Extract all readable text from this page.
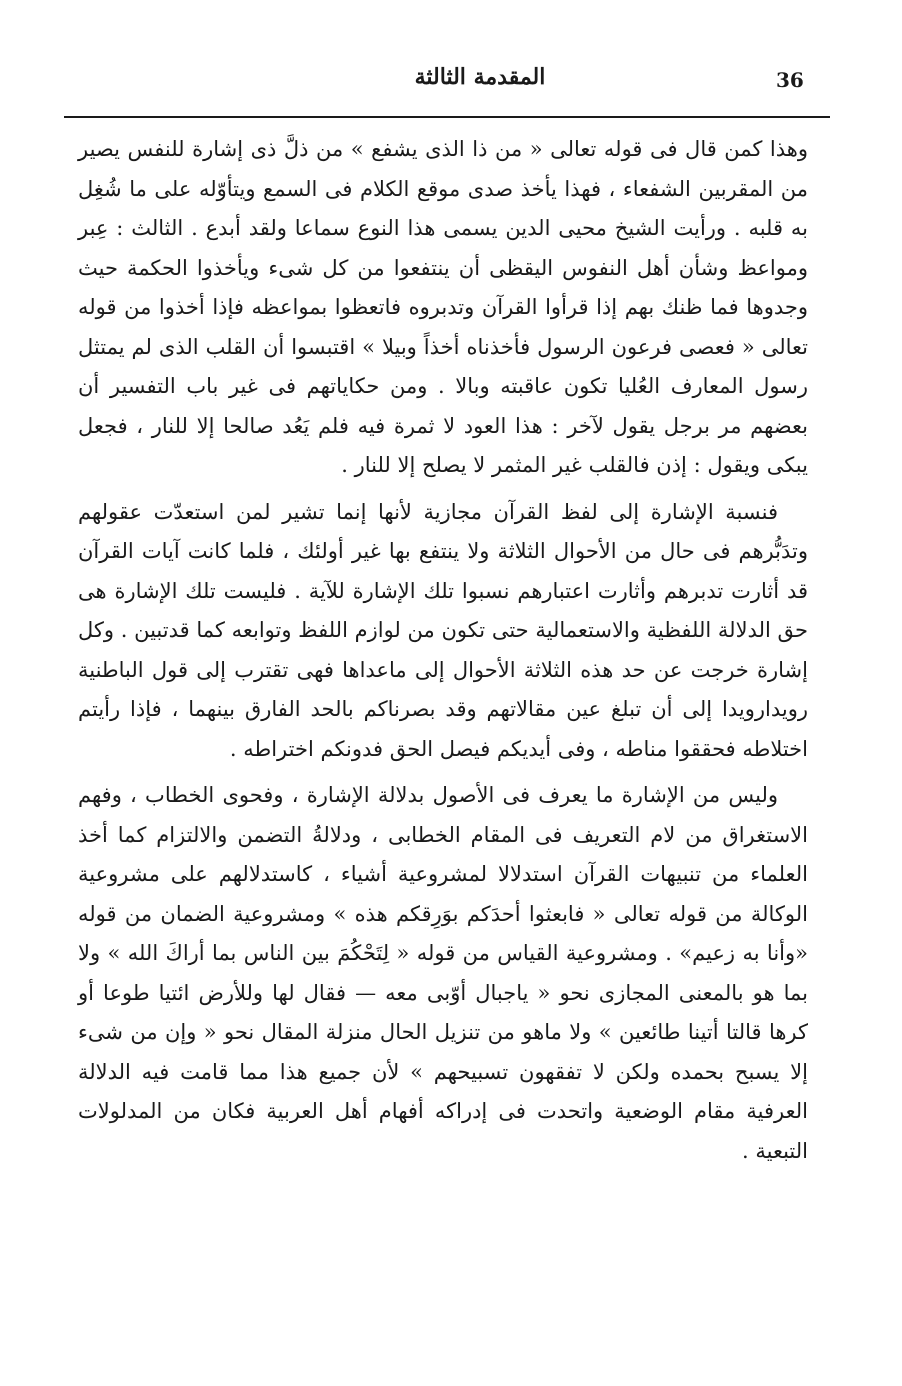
36
المقدمة الثالثة

وهذا كمن قال فى قوله تعالى « من ذا الذى يشفع » من ذلَّ ذى إشارة للنفس يصير من المقربين الشفعاء ، فهذا يأخذ صدى موقع الكلام فى السمع ويتأوّله على ما شُغِل به قلبه . ورأيت الشيخ محيى الدين يسمى هذا النوع سماعا ولقد أبدع . الثالث : عِبر ومواعظ وشأن أهل النفوس اليقظى أن ينتفعوا من كل شىء ويأخذوا الحكمة حيث وجدوها فما ظنك بهم إذا قرأوا القرآن وتدبروه فاتعظوا بمواعظه فإذا أخذوا من قوله تعالى « فعصى فرعون الرسول فأخذناه أخذاً وبيلا » اقتبسوا أن القلب الذى لم يمتثل رسول المعارف العُليا تكون عاقبته وبالا . ومن حكاياتهم فى غير باب التفسير أن بعضهم مر برجل يقول لآخر : هذا العود لا ثمرة فيه فلم يَعُد صالحا إلا للنار ، فجعل يبكى ويقول : إذن فالقلب غير المثمر لا يصلح إلا للنار .

فنسبة الإشارة إلى لفظ القرآن مجازية لأنها إنما تشير لمن استعدّت عقولهم وتدَبُّرهم فى حال من الأحوال الثلاثة ولا ينتفع بها غير أولئك ، فلما كانت آيات القرآن قد أثارت تدبرهم وأثارت اعتبارهم نسبوا تلك الإشارة للآية . فليست تلك الإشارة هى حق الدلالة اللفظية والاستعمالية حتى تكون من لوازم اللفظ وتوابعه كما قدتبين . وكل إشارة خرجت عن حد هذه الثلاثة الأحوال إلى ماعداها فهى تقترب إلى قول الباطنية رويدارويدا إلى أن تبلغ عين مقالاتهم وقد بصرناكم بالحد الفارق بينهما ، فإذا رأيتم اختلاطه فحققوا مناطه ، وفى أيديكم فيصل الحق فدونكم اختراطه .

وليس من الإشارة ما يعرف فى الأصول بدلالة الإشارة ، وفحوى الخطاب ، وفهم الاستغراق من لام التعريف فى المقام الخطابى ، ودلالةُ التضمن والالتزام كما أخذ العلماء من تنبيهات القرآن استدلالا لمشروعية أشياء ، كاستدلالهم على مشروعية الوكالة من قوله تعالى « فابعثوا أحدَكم بوَرِقكم هذه » ومشروعية الضمان من قوله «وأنا به زعيم» . ومشروعية القياس من قوله « لِتَحْكُمَ بين الناس بما أراكَ الله » ولا بما هو بالمعنى المجازى نحو « ياجبال أوّبى معه — فقال لها وللأرض ائتيا طوعا أو كرها قالتا أتينا طائعين » ولا ماهو من تنزيل الحال منزلة المقال نحو « وإن من شىء إلا يسبح بحمده ولكن لا تفقهون تسبيحهم » لأن جميع هذا مما قامت فيه الدلالة العرفية مقام الوضعية واتحدت فى إدراكه أفهام أهل العربية فكان من المدلولات التبعية .
